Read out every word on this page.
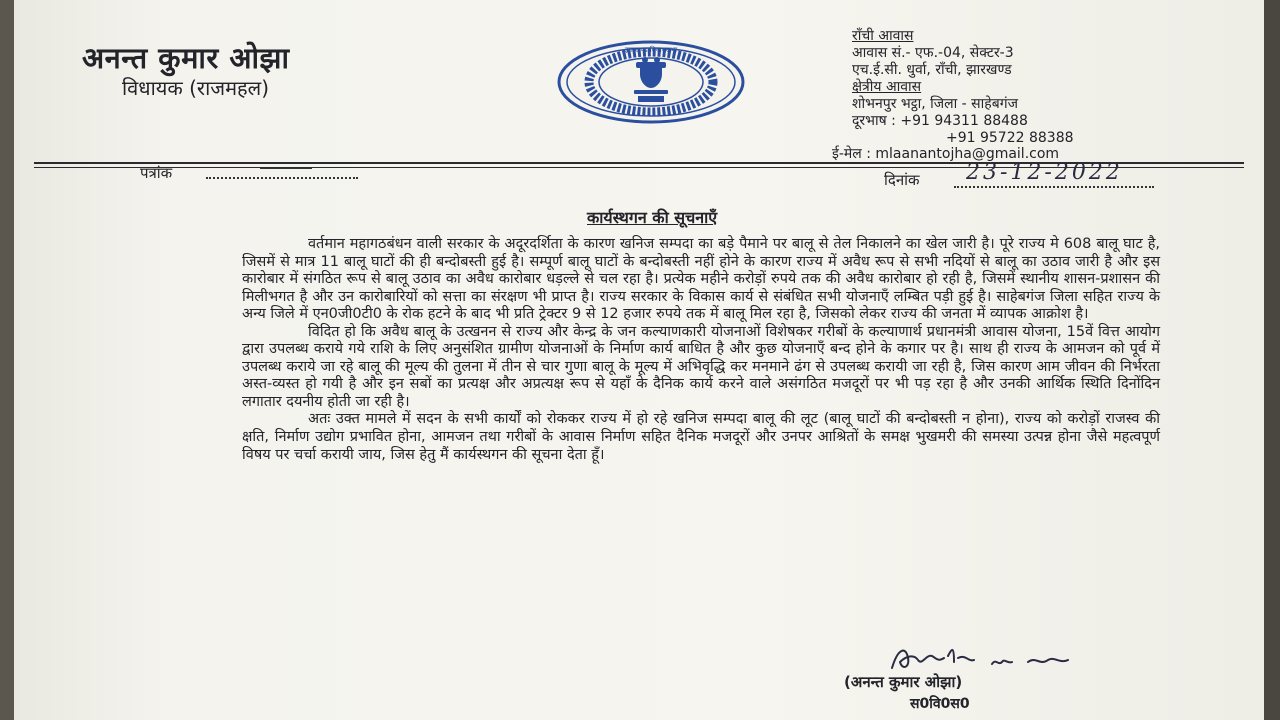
अनन्त कुमार ओझा
विधायक (राजमहल)
झारखण्ड विधानसभा
राँची आवास
आवास सं.- एफ.-04, सेक्टर-3
एच.ई.सी. धुर्वा, राँची, झारखण्ड
क्षेत्रीय आवास
शोभनपुर भट्ठा, जिला - साहेबगंज
दूरभाष : +91 94311 88488
+91 95722 88388
ई-मेल : mlaanantojha@gmail.com
पत्रांक	दिनांक 23-12-2022
कार्यस्थगन की सूचनाएँ

वर्तमान महागठबंधन वाली सरकार के अदूरदर्शिता के कारण खनिज सम्पदा का बड़े पैमाने पर बालू से तेल निकालने का खेल जारी है। पूरे राज्य मे 608 बालू घाट है, जिसमें से मात्र 11 बालू घाटों की ही बन्दोबस्ती हुई है। सम्पूर्ण बालू घाटों के बन्दोबस्ती नहीं होने के कारण राज्य में अवैध रूप से सभी नदियों से बालू का उठाव जारी है और इस कारोबार में संगठित रूप से बालू उठाव का अवैध कारोबार धड़ल्ले से चल रहा है। प्रत्येक महीने करोड़ों रुपये तक की अवैध कारोबार हो रही है, जिसमें स्थानीय शासन-प्रशासन की मिलीभगत है और उन कारोबारियों को सत्ता का संरक्षण भी प्राप्त है। राज्य सरकार के विकास कार्य से संबंधित सभी योजनाएँ लम्बित पड़ी हुई है। साहेबगंज जिला सहित राज्य के अन्य जिले में एन0जी0टी0 के रोक हटने के बाद भी प्रति ट्रेक्टर 9 से 12 हजार रुपये तक में बालू मिल रहा है, जिसको लेकर राज्य की जनता में व्यापक आक्रोश है।

विदित हो कि अवैध बालू के उत्खनन से राज्य और केन्द्र के जन कल्याणकारी योजनाओं विशेषकर गरीबों के कल्याणार्थ प्रधानमंत्री आवास योजना, 15वें वित्त आयोग द्वारा उपलब्ध कराये गये राशि के लिए अनुसंशित ग्रामीण योजनाओं के निर्माण कार्य बाधित है और कुछ योजनाएँ बन्द होने के कगार पर है। साथ ही राज्य के आमजन को पूर्व में उपलब्ध कराये जा रहे बालू की मूल्य की तुलना में तीन से चार गुणा बालू के मूल्य में अभिवृद्धि कर मनमाने ढंग से उपलब्ध करायी जा रही है, जिस कारण आम जीवन की निर्भरता अस्त-व्यस्त हो गयी है और इन सबों का प्रत्यक्ष और अप्रत्यक्ष रूप से यहाँ के दैनिक कार्य करने वाले असंगठित मजदूरों पर भी पड़ रहा है और उनकी आर्थिक स्थिति दिनोंदिन लगातार दयनीय होती जा रही है।

अतः उक्त मामले में सदन के सभी कार्यों को रोककर राज्य में हो रहे खनिज सम्पदा बालू की लूट (बालू घाटों की बन्दोबस्ती न होना), राज्य को करोड़ों राजस्व की क्षति, निर्माण उद्योग प्रभावित होना, आमजन तथा गरीबों के आवास निर्माण सहित दैनिक मजदूरों और उनपर आश्रितों के समक्ष भुखमरी की समस्या उत्पन्न होना जैसे महत्वपूर्ण विषय पर चर्चा करायी जाय, जिस हेतु मैं कार्यस्थगन की सूचना देता हूँ।

(अनन्त कुमार ओझा)
स0वि0स0
